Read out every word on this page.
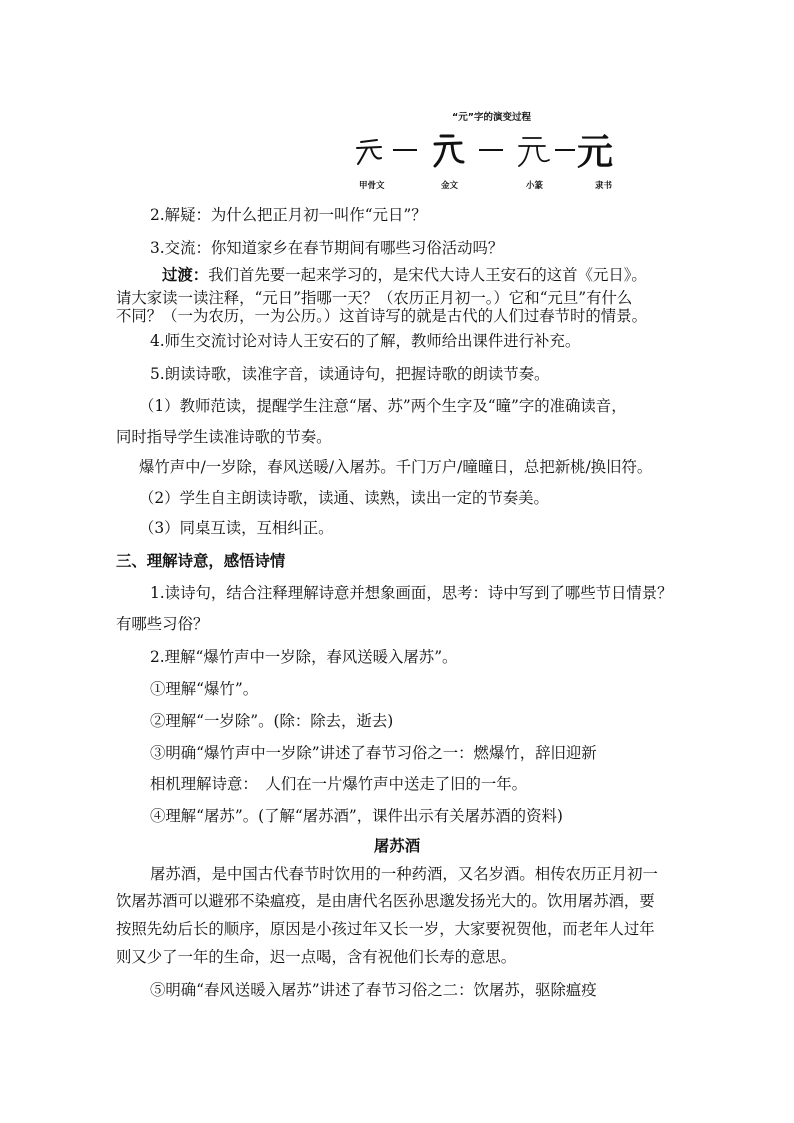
“元”字的演变过程
元
甲骨文	金文	小篆	隶书
2.解疑：为什么把正月初一叫作“元日”？
3.交流：你知道家乡在春节期间有哪些习俗活动吗？
过渡：我们首先要一起来学习的，是宋代大诗人王安石的这首《元日》。
请大家读一读注释，“元日”指哪一天？（农历正月初一。）它和“元旦”有什么
不同？（一为农历，一为公历。）这首诗写的就是古代的人们过春节时的情景。
4.师生交流讨论对诗人王安石的了解，教师给出课件进行补充。
5.朗读诗歌，读准字音，读通诗句，把握诗歌的朗读节奏。
（1）教师范读，提醒学生注意“屠、苏”两个生字及“曈”字的准确读音，
同时指导学生读准诗歌的节奏。
爆竹声中/一岁除，春风送暖/入屠苏。千门万户/曈曈日，总把新桃/换旧符。
（2）学生自主朗读诗歌，读通、读熟，读出一定的节奏美。
（3）同桌互读，互相纠正。
三、理解诗意，感悟诗情
1.读诗句，结合注释理解诗意并想象画面，思考：诗中写到了哪些节日情景？
有哪些习俗？
2.理解“爆竹声中一岁除，春风送暖入屠苏”。
①理解“爆竹”。
②理解“一岁除”。(除：除去，逝去)
③明确“爆竹声中一岁除”讲述了春节习俗之一：燃爆竹，辞旧迎新
相机理解诗意：　人们在一片爆竹声中送走了旧的一年。
④理解“屠苏”。(了解“屠苏酒”，课件出示有关屠苏酒的资料)
屠苏酒
屠苏酒，是中国古代春节时饮用的一种药酒，又名岁酒。相传农历正月初一
饮屠苏酒可以避邪不染瘟疫，是由唐代名医孙思邈发扬光大的。饮用屠苏酒，要
按照先幼后长的顺序，原因是小孩过年又长一岁，大家要祝贺他，而老年人过年
则又少了一年的生命，迟一点喝，含有祝他们长寿的意思。
⑤明确“春风送暖入屠苏”讲述了春节习俗之二：饮屠苏，驱除瘟疫
